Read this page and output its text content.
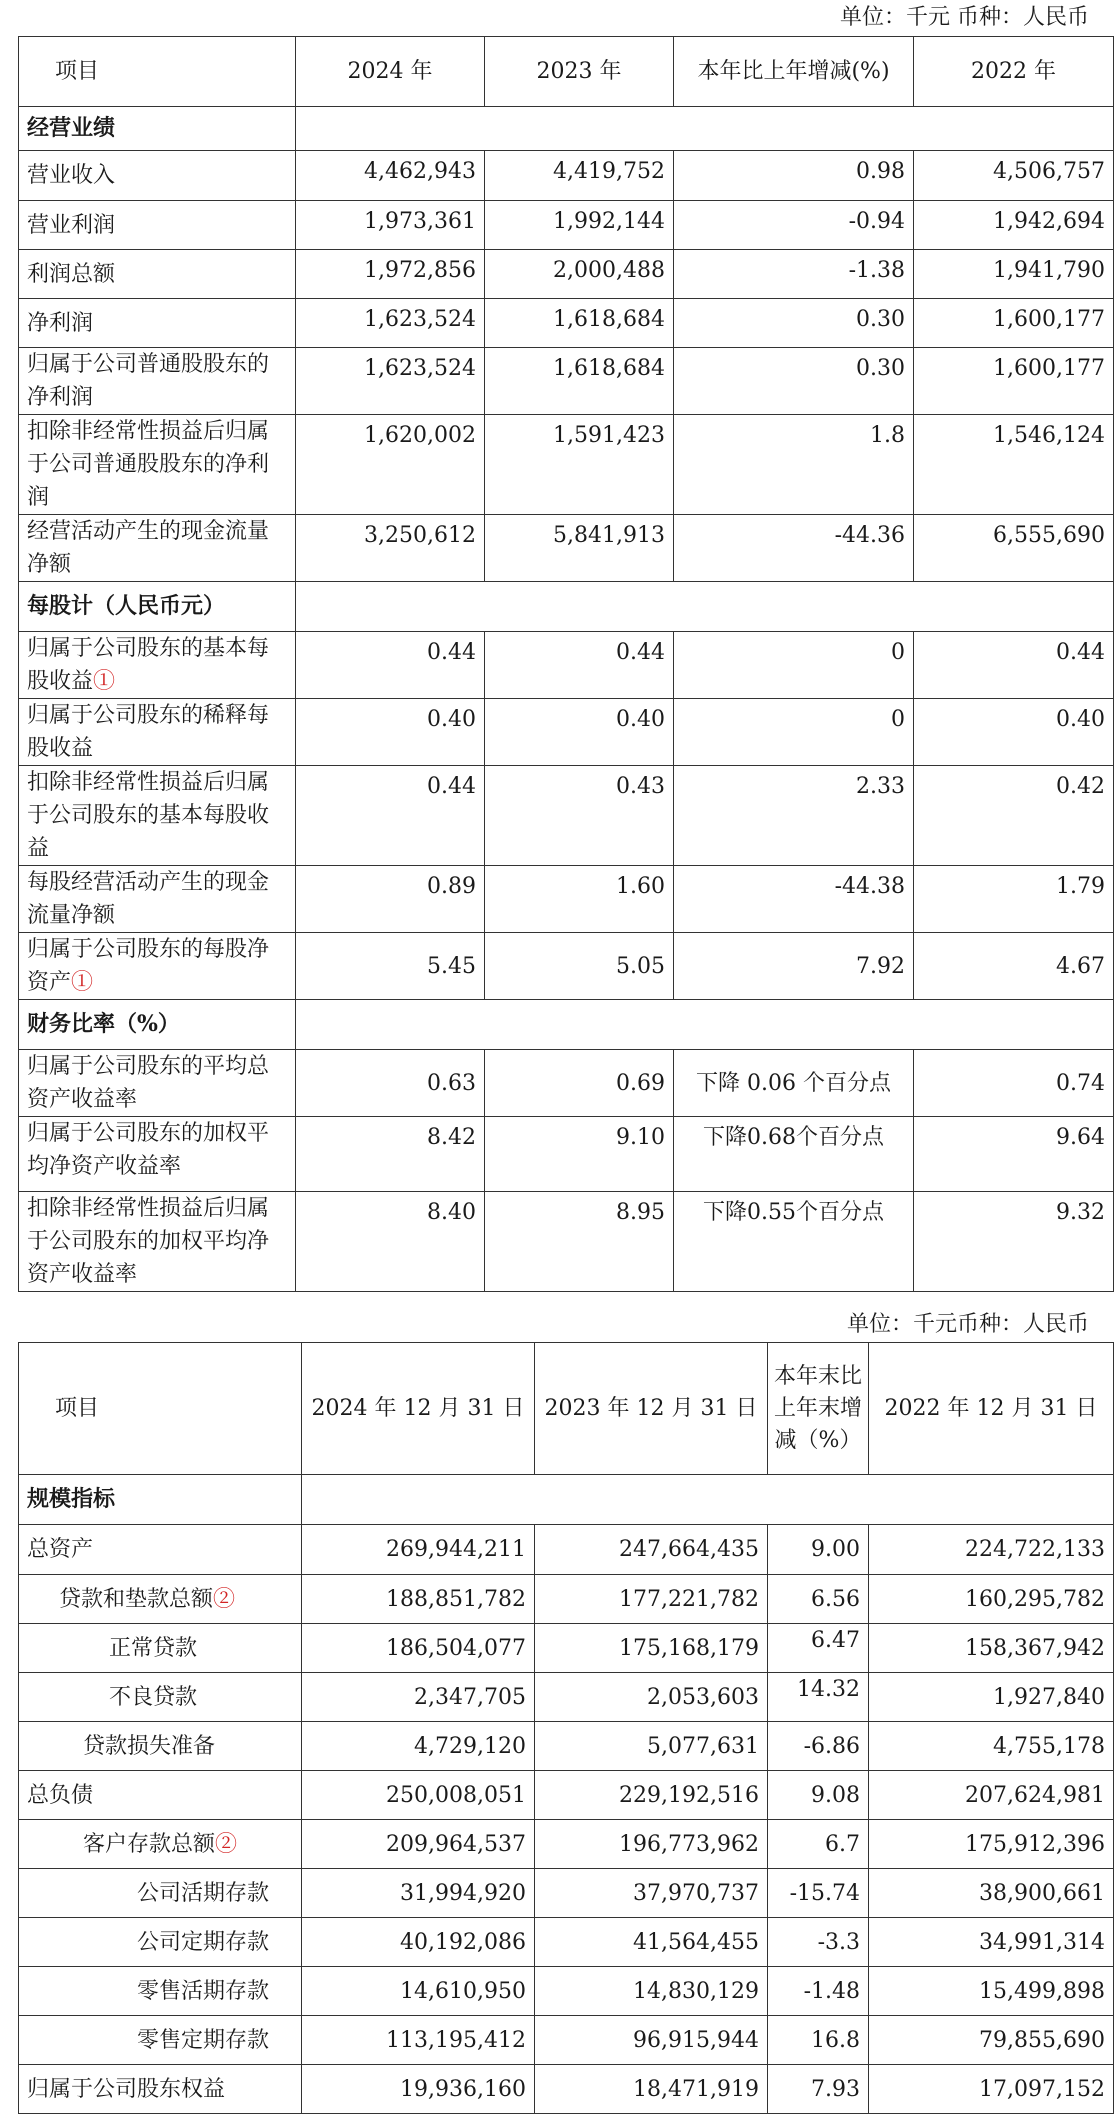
单位：千元 币种：人民币
项目	2024 年	2023 年	本年比上年增减(%)	2022 年
经营业绩				
营业收入	4,462,943	4,419,752	0.98	4,506,757
营业利润	1,973,361	1,992,144	-0.94	1,942,694
利润总额	1,972,856	2,000,488	-1.38	1,941,790
净利润	1,623,524	1,618,684	0.30	1,600,177
归属于公司普通股股东的净利润	1,623,524	1,618,684	0.30	1,600,177
扣除非经常性损益后归属于公司普通股股东的净利润	1,620,002	1,591,423	1.8	1,546,124
经营活动产生的现金流量净额	3,250,612	5,841,913	-44.36	6,555,690
每股计（人民币元）				
归属于公司股东的基本每股收益①	0.44	0.44	0	0.44
归属于公司股东的稀释每股收益	0.40	0.40	0	0.40
扣除非经常性损益后归属于公司股东的基本每股收益	0.44	0.43	2.33	0.42
每股经营活动产生的现金流量净额	0.89	1.60	-44.38	1.79
归属于公司股东的每股净资产①	5.45	5.05	7.92	4.67
财务比率（%）				
归属于公司股东的平均总资产收益率	0.63	0.69	下降 0.06 个百分点	0.74
归属于公司股东的加权平均净资产收益率	8.42	9.10	下降0.68个百分点	9.64
扣除非经常性损益后归属于公司股东的加权平均净资产收益率	8.40	8.95	下降0.55个百分点	9.32
单位：千元币种：人民币
项目	2024 年 12 月 31 日	2023 年 12 月 31 日	本年末比上年末增减（%）	2022 年 12 月 31 日
规模指标				
总资产	269,944,211	247,664,435	9.00	224,722,133
贷款和垫款总额②	188,851,782	177,221,782	6.56	160,295,782
正常贷款	186,504,077	175,168,179	6.47	158,367,942
不良贷款	2,347,705	2,053,603	14.32	1,927,840
贷款损失准备	4,729,120	5,077,631	-6.86	4,755,178
总负债	250,008,051	229,192,516	9.08	207,624,981
客户存款总额②	209,964,537	196,773,962	6.7	175,912,396
公司活期存款	31,994,920	37,970,737	-15.74	38,900,661
公司定期存款	40,192,086	41,564,455	-3.3	34,991,314
零售活期存款	14,610,950	14,830,129	-1.48	15,499,898
零售定期存款	113,195,412	96,915,944	16.8	79,855,690
归属于公司股东权益	19,936,160	18,471,919	7.93	17,097,152
